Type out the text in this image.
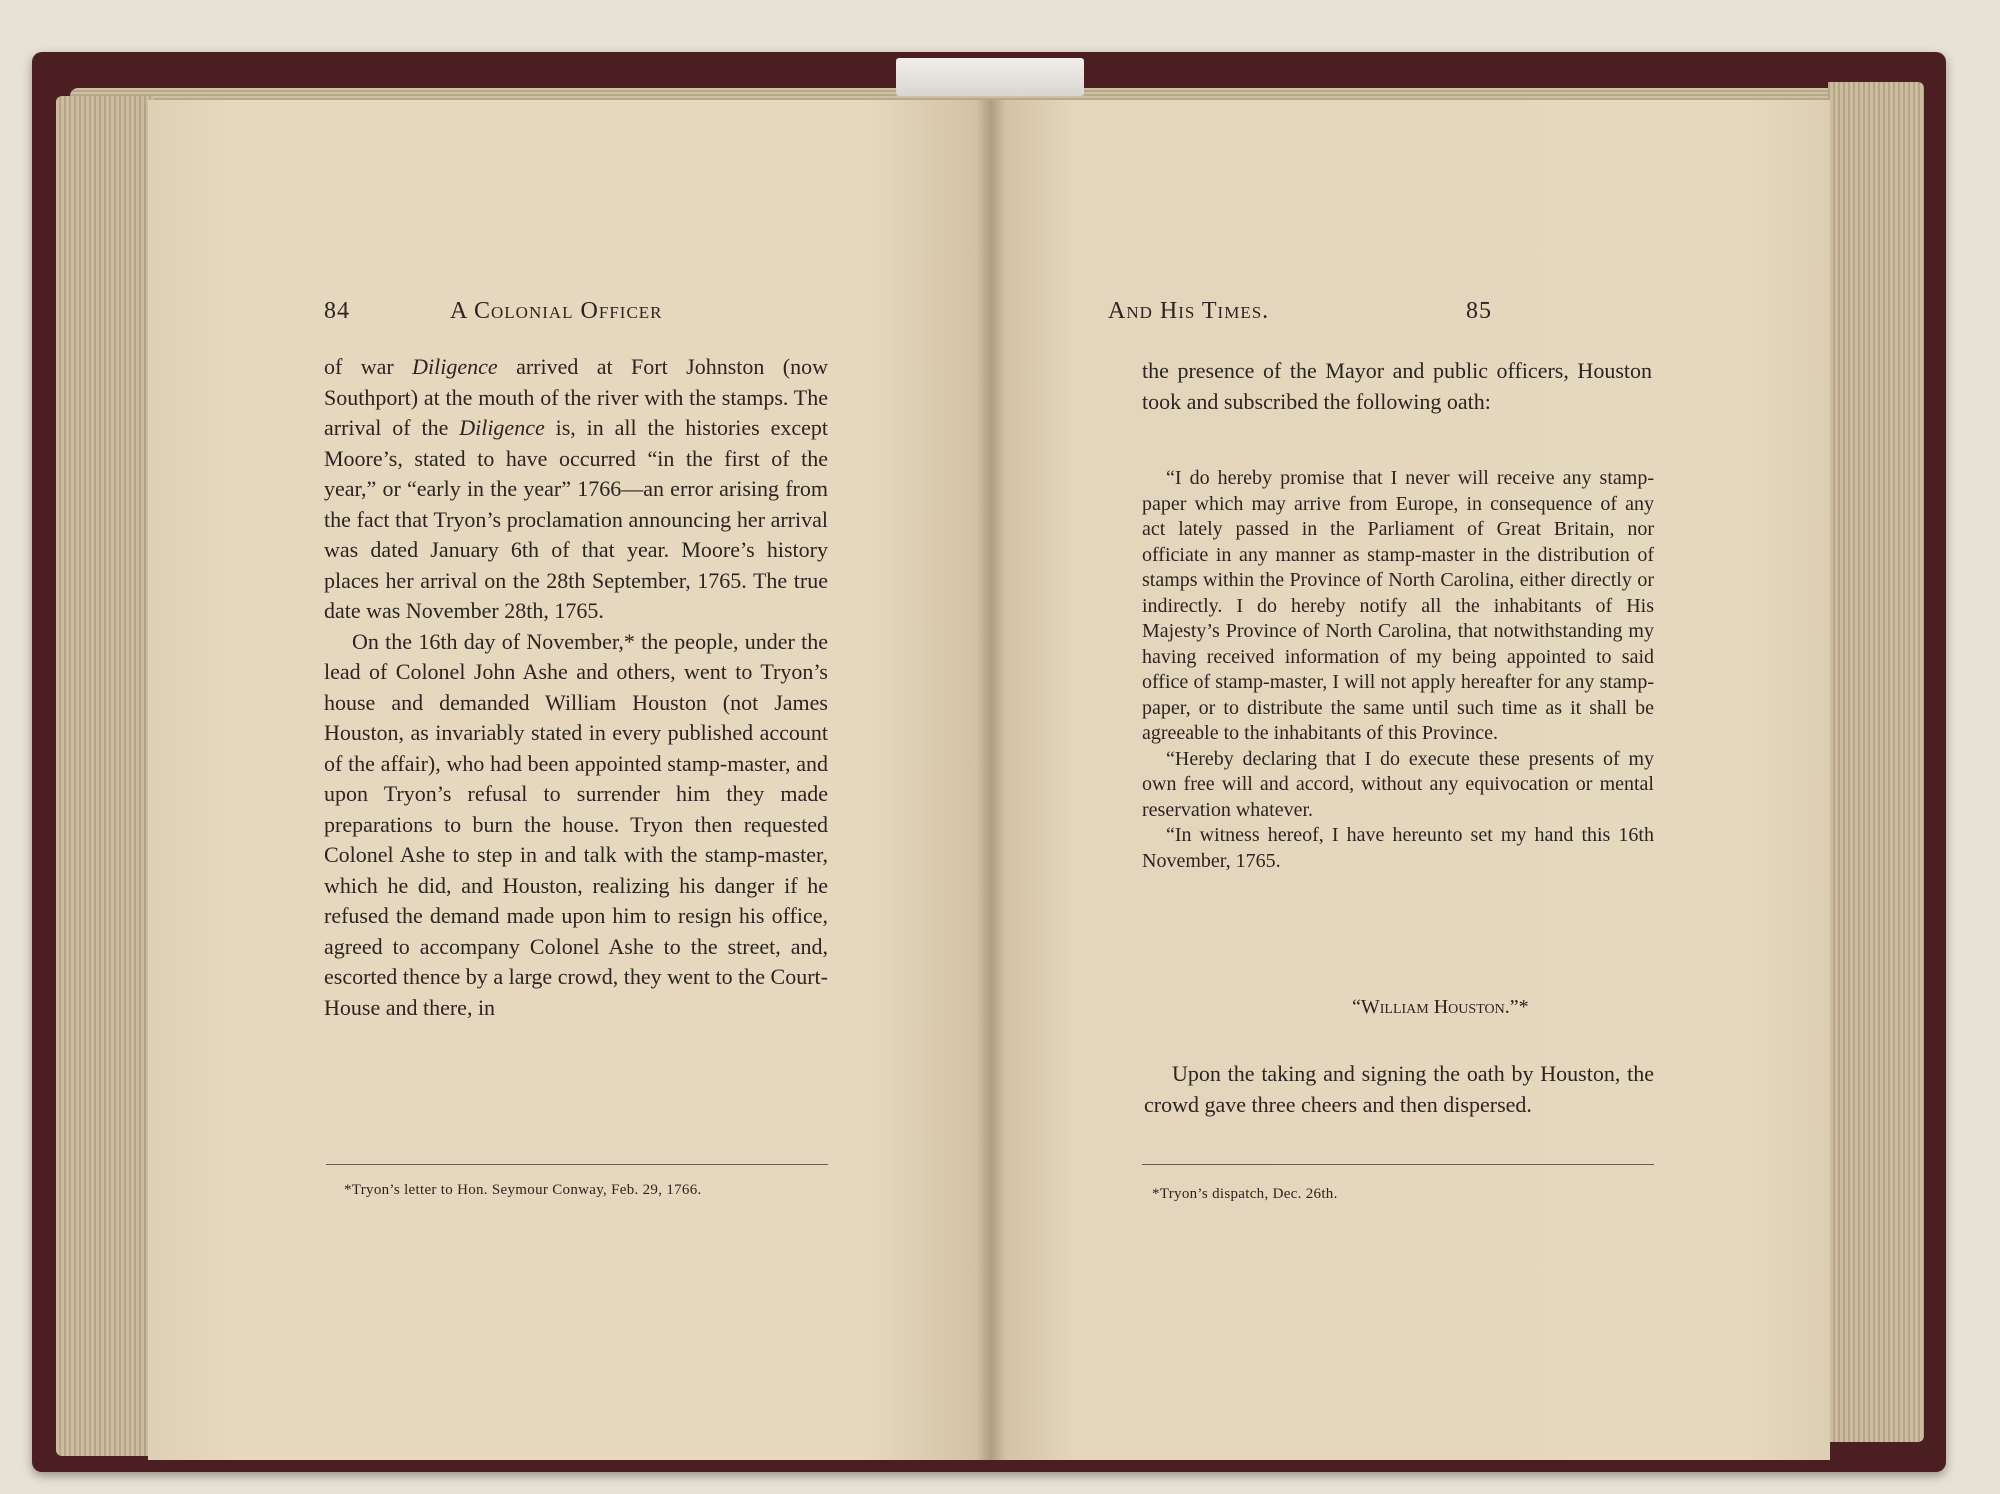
84	A Colonial Officer

of war Diligence arrived at Fort Johnston (now Southport) at the mouth of the river with the stamps. The arrival of the Diligence is, in all the histories except Moore’s, stated to have occurred “in the first of the year,” or “early in the year” 1766—an error arising from the fact that Tryon’s proclamation announcing her arrival was dated January 6th of that year. Moore’s history places her arrival on the 28th September, 1765. The true date was November 28th, 1765.

On the 16th day of November,* the people, under the lead of Colonel John Ashe and others, went to Tryon’s house and demanded William Houston (not James Houston, as invariably stated in every published account of the affair), who had been appointed stamp-master, and upon Tryon’s refusal to surrender him they made preparations to burn the house. Tryon then requested Colonel Ashe to step in and talk with the stamp-master, which he did, and Houston, realizing his danger if he refused the demand made upon him to resign his office, agreed to accompany Colonel Ashe to the street, and, escorted thence by a large crowd, they went to the Court-House and there, in

*Tryon’s letter to Hon. Seymour Conway, Feb. 29, 1766.
And His Times.	85

the presence of the Mayor and public officers, Houston took and subscribed the following oath:

“I do hereby promise that I never will receive any stamp-paper which may arrive from Europe, in consequence of any act lately passed in the Parliament of Great Britain, nor officiate in any manner as stamp-master in the distribution of stamps within the Province of North Carolina, either directly or indirectly. I do hereby notify all the inhabitants of His Majesty’s Province of North Carolina, that notwithstanding my having received information of my being appointed to said office of stamp-master, I will not apply hereafter for any stamp-paper, or to distribute the same until such time as it shall be agreeable to the inhabitants of this Province.

“Hereby declaring that I do execute these presents of my own free will and accord, without any equivocation or mental reservation whatever.

“In witness hereof, I have hereunto set my hand this 16th November, 1765.

“William Houston.”*

Upon the taking and signing the oath by Houston, the crowd gave three cheers and then dispersed.

*Tryon’s dispatch, Dec. 26th.
